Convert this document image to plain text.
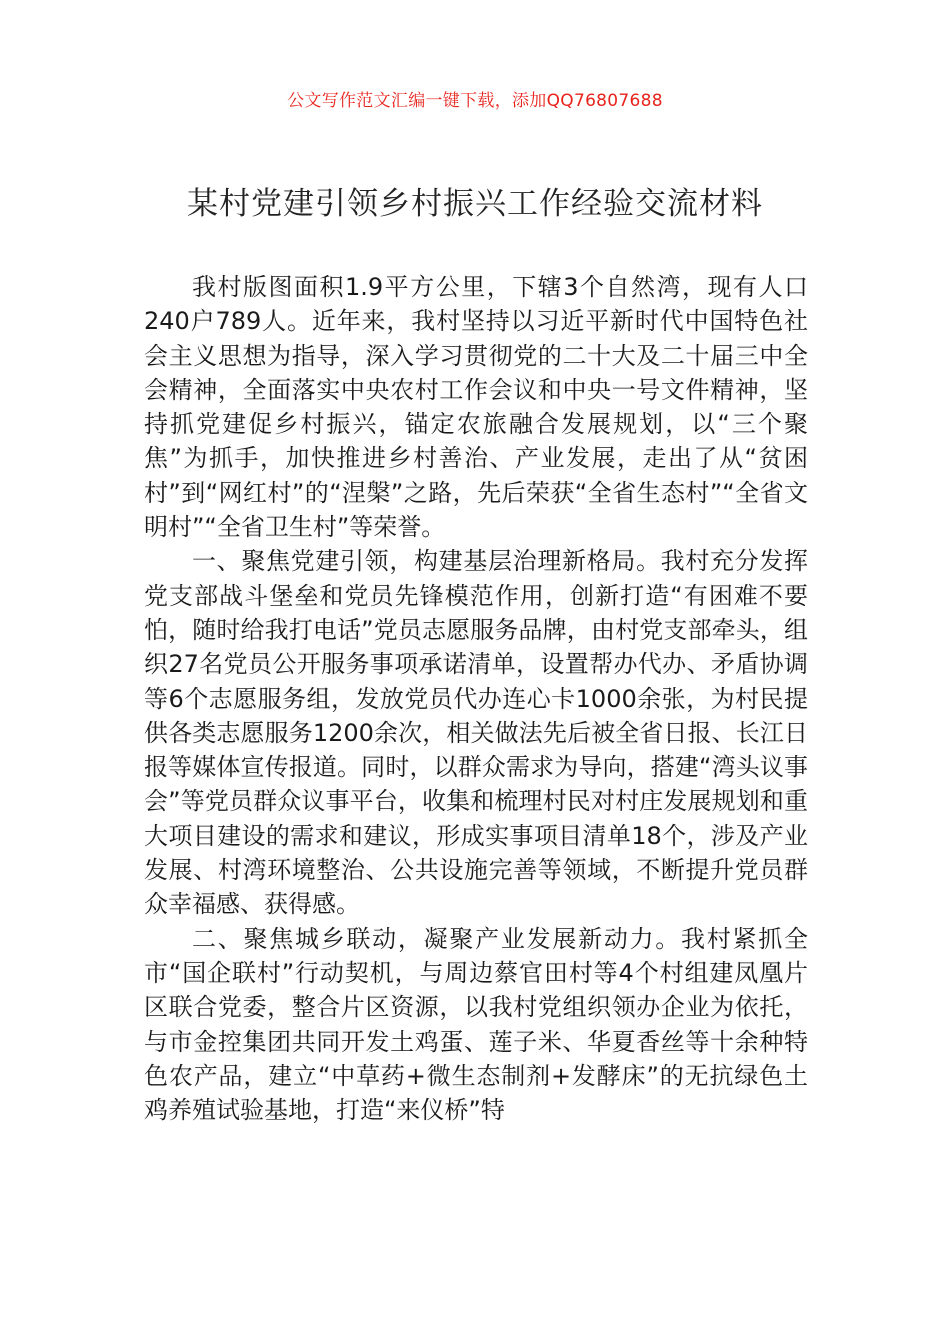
公文写作范文汇编一键下载，添加QQ76807688
某村党建引领乡村振兴工作经验交流材料

我村版图面积1.9平方公里，下辖3个自然湾，现有人口240户789人。近年来，我村坚持以习近平新时代中国特色社会主义思想为指导，深入学习贯彻党的二十大及二十届三中全会精神，全面落实中央农村工作会议和中央一号文件精神，坚持抓党建促乡村振兴，锚定农旅融合发展规划，以“三个聚焦”为抓手，加快推进乡村善治、产业发展，走出了从“贫困村”到“网红村”的“涅槃”之路，先后荣获“全省生态村”“全省文明村”“全省卫生村”等荣誉。

一、聚焦党建引领，构建基层治理新格局。我村充分发挥党支部战斗堡垒和党员先锋模范作用，创新打造“有困难不要怕，随时给我打电话”党员志愿服务品牌，由村党支部牵头，组织27名党员公开服务事项承诺清单，设置帮办代办、矛盾协调等6个志愿服务组，发放党员代办连心卡1000余张，为村民提供各类志愿服务1200余次，相关做法先后被全省日报、长江日报等媒体宣传报道。同时，以群众需求为导向，搭建“湾头议事会”等党员群众议事平台，收集和梳理村民对村庄发展规划和重大项目建设的需求和建议，形成实事项目清单18个，涉及产业发展、村湾环境整治、公共设施完善等领域，不断提升党员群众幸福感、获得感。

二、聚焦城乡联动，凝聚产业发展新动力。我村紧抓全市“国企联村”行动契机，与周边蔡官田村等4个村组建凤凰片区联合党委，整合片区资源，以我村党组织领办企业为依托，与市金控集团共同开发土鸡蛋、莲子米、华夏香丝等十余种特色农产品，建立“中草药+微生态制剂+发酵床”的无抗绿色土鸡养殖试验基地，打造“来仪桥”特
